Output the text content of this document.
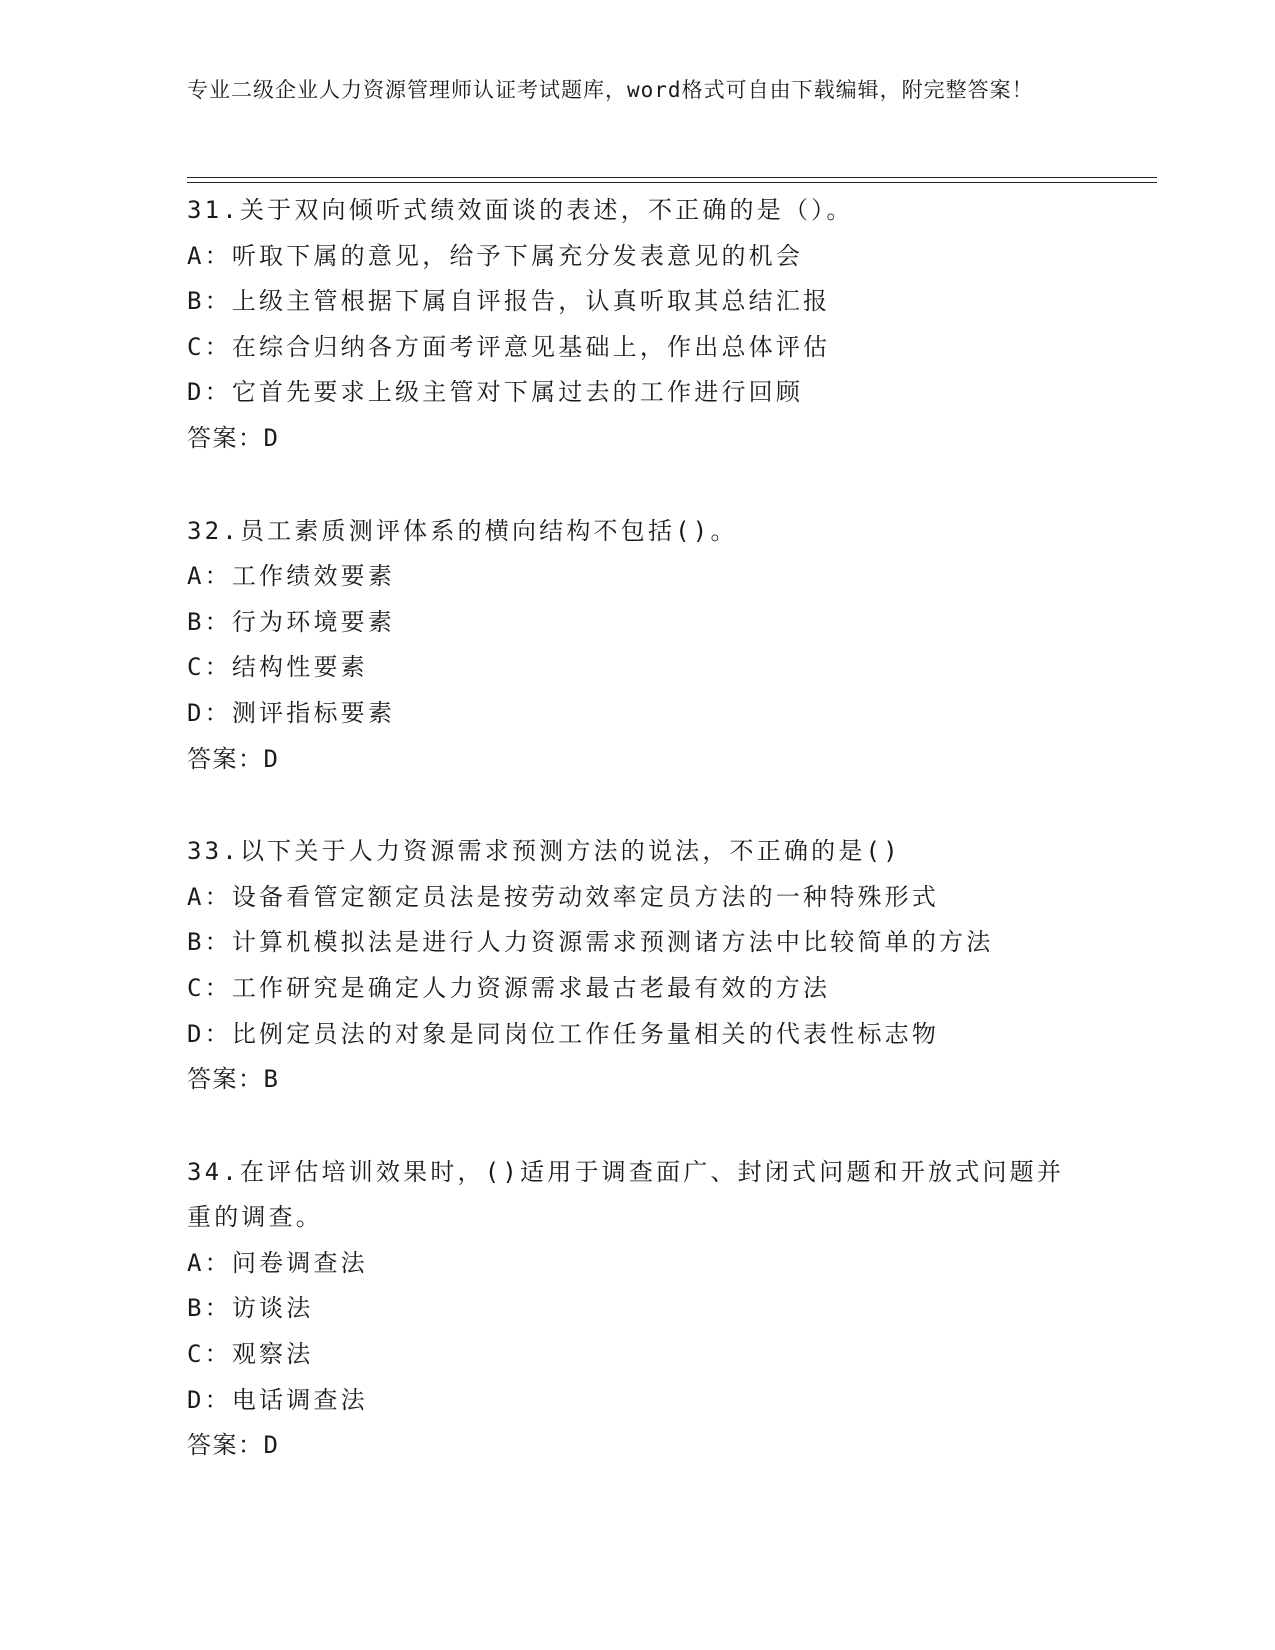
专业二级企业人力资源管理师认证考试题库，word格式可自由下载编辑，附完整答案！
31.关于双向倾听式绩效面谈的表述，不正确的是（）。
A：听取下属的意见，给予下属充分发表意见的机会
B：上级主管根据下属自评报告，认真听取其总结汇报
C：在综合归纳各方面考评意见基础上，作出总体评估
D：它首先要求上级主管对下属过去的工作进行回顾
答案：D
32.员工素质测评体系的横向结构不包括()。
A：工作绩效要素
B：行为环境要素
C：结构性要素
D：测评指标要素
答案：D
33.以下关于人力资源需求预测方法的说法，不正确的是()
A：设备看管定额定员法是按劳动效率定员方法的一种特殊形式
B：计算机模拟法是进行人力资源需求预测诸方法中比较简单的方法
C：工作研究是确定人力资源需求最古老最有效的方法
D：比例定员法的对象是同岗位工作任务量相关的代表性标志物
答案：B
34.在评估培训效果时，()适用于调查面广、封闭式问题和开放式问题并重的调查。
A：问卷调查法
B：访谈法
C：观察法
D：电话调查法
答案：D
